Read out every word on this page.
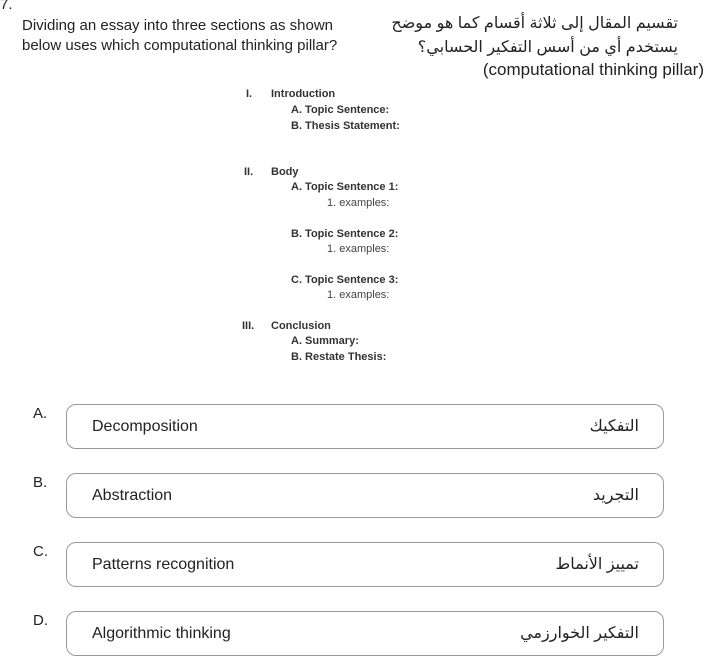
7.
Dividing an essay into three sections as shown
below uses which computational thinking pillar?
تقسيم المقال إلى ثلاثة أقسام كما هو موضح
يستخدم أي من أسس التفكير الحسابي؟
(computational thinking pillar)
I. Introduction
A. Topic Sentence:
B. Thesis Statement:
II. Body
A. Topic Sentence 1:
1. examples:
B. Topic Sentence 2:
1. examples:
C. Topic Sentence 3:
1. examples:
III. Conclusion
A. Summary:
B. Restate Thesis:
A.
Decomposition	التفكيك
B.
Abstraction	التجريد
C.
Patterns recognition	تمييز الأنماط
D.
Algorithmic thinking	التفكير الخوارزمي
